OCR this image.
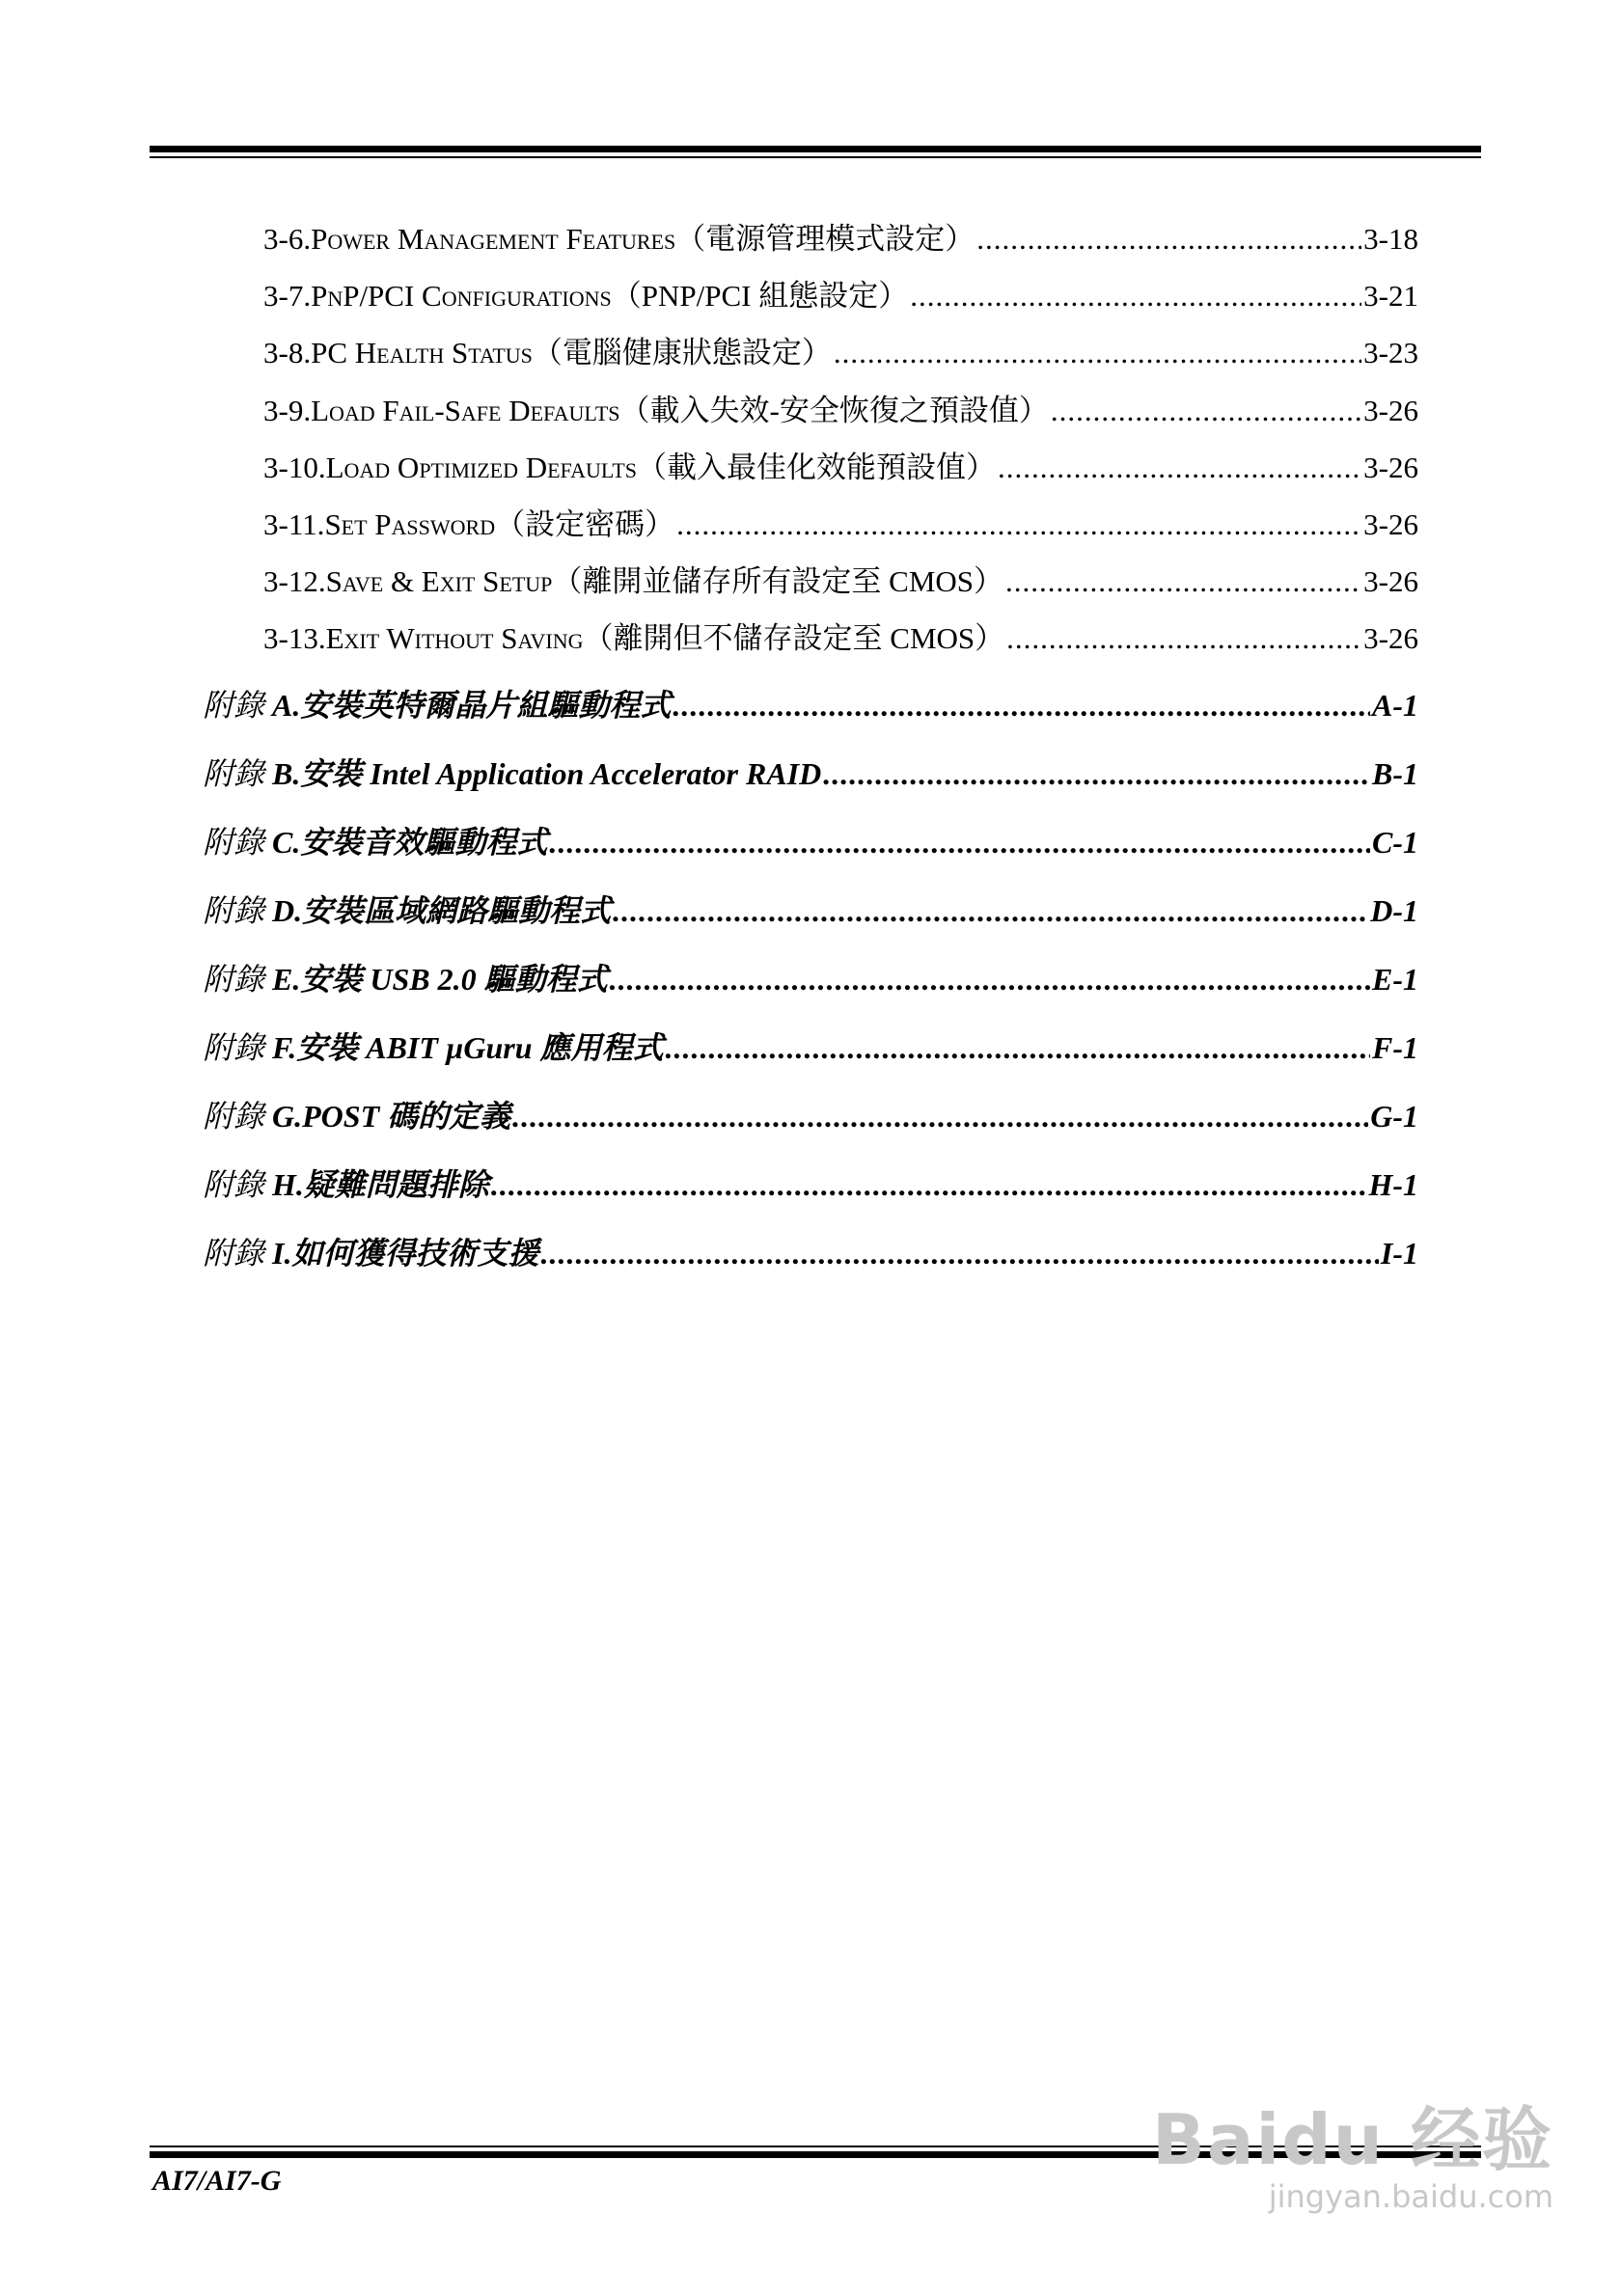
3-6. Power Management Features（電源管理模式設定） .....	3-18
3-7. PnP/PCI Configurations（PNP/PCI 組態設定） .....	3-21
3-8. PC Health Status（電腦健康狀態設定） .....	3-23
3-9. Load Fail-Safe Defaults（載入失效-安全恢復之預設值） .....	3-26
3-10. Load Optimized Defaults（載入最佳化效能預設值） .....	3-26
3-11. Set Password（設定密碼） .....	3-26
3-12. Save & Exit Setup（離開並儲存所有設定至 CMOS） .....	3-26
3-13. Exit Without Saving（離開但不儲存設定至 CMOS） .....	3-26
附錄 A. 安裝英特爾晶片組驅動程式 .....	A-1
附錄 B. 安裝 Intel Application Accelerator RAID .....	B-1
附錄 C. 安裝音效驅動程式 .....	C-1
附錄 D. 安裝區域網路驅動程式 .....	D-1
附錄 E. 安裝 USB 2.0 驅動程式 .....	E-1
附錄 F. 安裝 ABIT µGuru 應用程式 .....	F-1
附錄 G. POST 碼的定義 .....	G-1
附錄 H. 疑難問題排除 .....	H-1
附錄 I. 如何獲得技術支援 .....	I-1
AI7/AI7-G
Baidu 经验
jingyan.baidu.com
